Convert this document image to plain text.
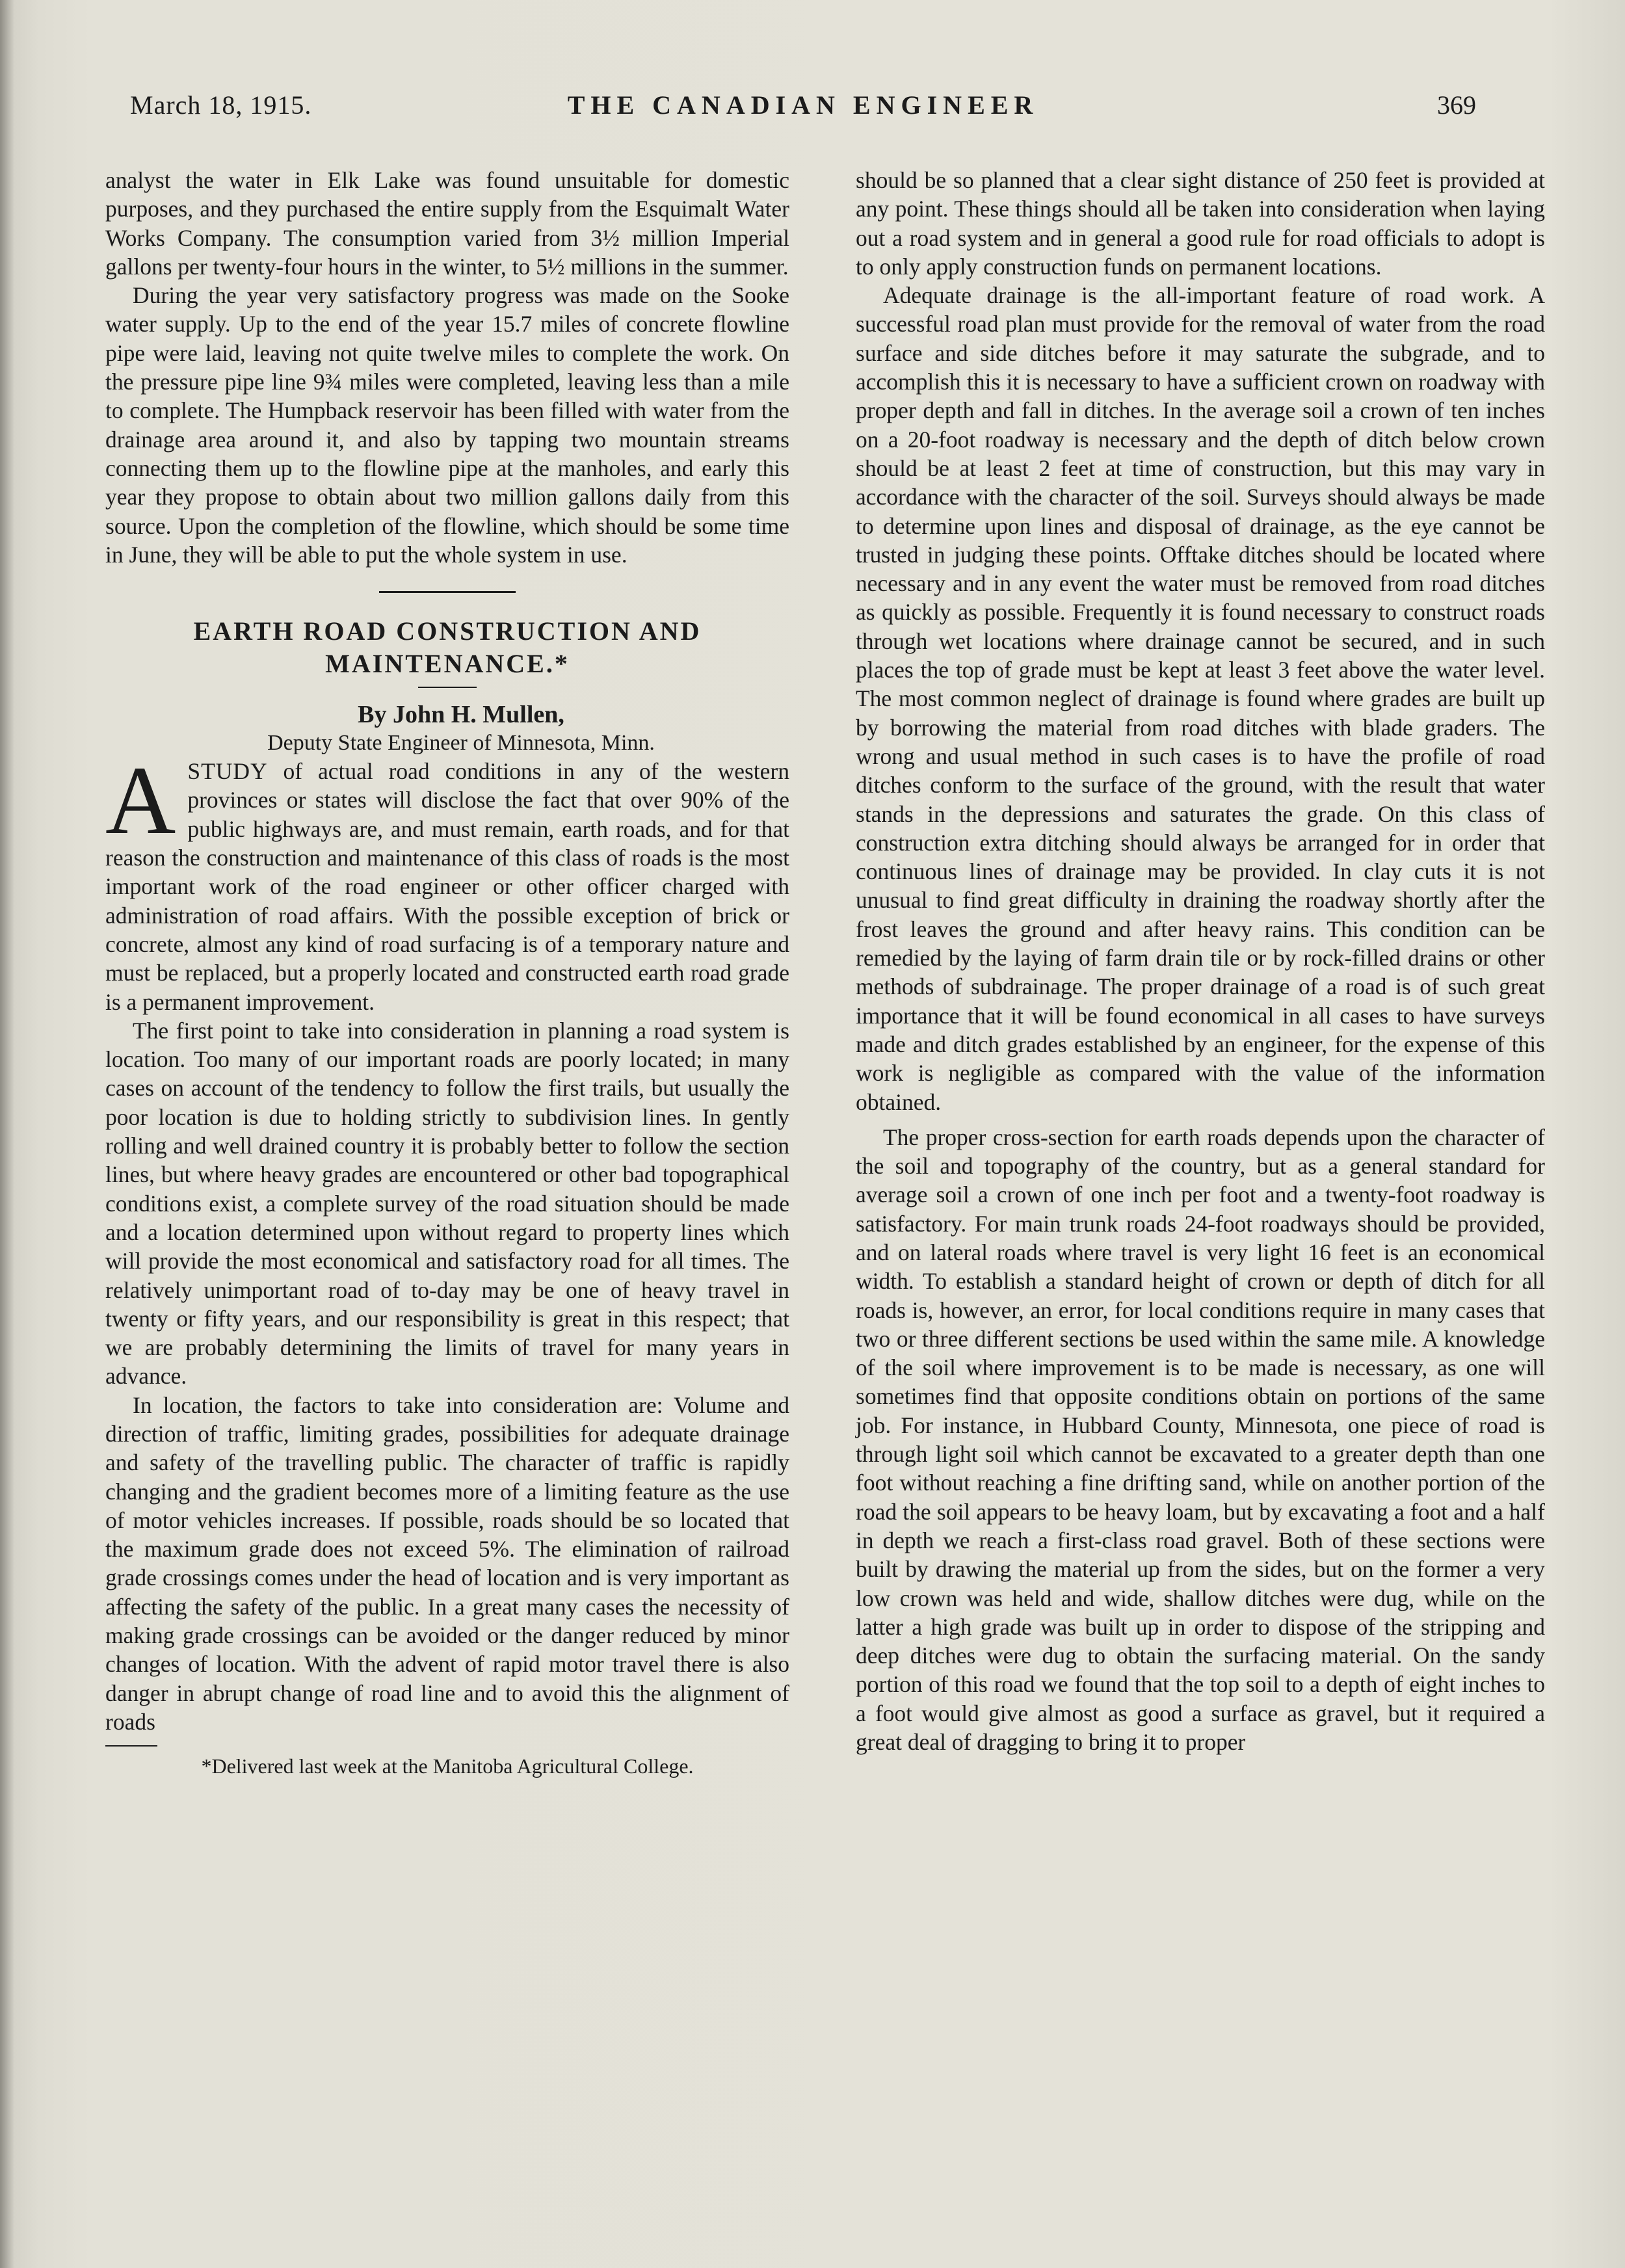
March 18, 1915.	THE CANADIAN ENGINEER	369

analyst the water in Elk Lake was found unsuitable for domestic purposes, and they purchased the entire supply from the Esquimalt Water Works Company. The consumption varied from 3½ million Imperial gallons per twenty-four hours in the winter, to 5½ millions in the summer.

During the year very satisfactory progress was made on the Sooke water supply. Up to the end of the year 15.7 miles of concrete flowline pipe were laid, leaving not quite twelve miles to complete the work. On the pressure pipe line 9¾ miles were completed, leaving less than a mile to complete. The Humpback reservoir has been filled with water from the drainage area around it, and also by tapping two mountain streams connecting them up to the flowline pipe at the manholes, and early this year they propose to obtain about two million gallons daily from this source. Upon the completion of the flowline, which should be some time in June, they will be able to put the whole system in use.

EARTH ROAD CONSTRUCTION AND
MAINTENANCE.*

By John H. Mullen,

Deputy State Engineer of Minnesota, Minn.

ASTUDY of actual road conditions in any of the western provinces or states will disclose the fact that over 90% of the public highways are, and must remain, earth roads, and for that reason the construction and maintenance of this class of roads is the most important work of the road engineer or other officer charged with administration of road affairs. With the possible exception of brick or concrete, almost any kind of road surfacing is of a temporary nature and must be replaced, but a properly located and constructed earth road grade is a permanent improvement.

The first point to take into consideration in planning a road system is location. Too many of our important roads are poorly located; in many cases on account of the tendency to follow the first trails, but usually the poor location is due to holding strictly to subdivision lines. In gently rolling and well drained country it is probably better to follow the section lines, but where heavy grades are encountered or other bad topographical conditions exist, a complete survey of the road situation should be made and a location determined upon without regard to property lines which will provide the most economical and satisfactory road for all times. The relatively unimportant road of to-day may be one of heavy travel in twenty or fifty years, and our responsibility is great in this respect; that we are probably determining the limits of travel for many years in advance.

In location, the factors to take into consideration are: Volume and direction of traffic, limiting grades, possibilities for adequate drainage and safety of the travelling public. The character of traffic is rapidly changing and the gradient becomes more of a limiting feature as the use of motor vehicles increases. If possible, roads should be so located that the maximum grade does not exceed 5%. The elimination of railroad grade crossings comes under the head of location and is very important as affecting the safety of the public. In a great many cases the necessity of making grade crossings can be avoided or the danger reduced by minor changes of location. With the advent of rapid motor travel there is also danger in abrupt change of road line and to avoid this the alignment of roads

*Delivered last week at the Manitoba Agricultural College.

should be so planned that a clear sight distance of 250 feet is provided at any point. These things should all be taken into consideration when laying out a road system and in general a good rule for road officials to adopt is to only apply construction funds on permanent locations.

Adequate drainage is the all-important feature of road work. A successful road plan must provide for the removal of water from the road surface and side ditches before it may saturate the subgrade, and to accomplish this it is necessary to have a sufficient crown on roadway with proper depth and fall in ditches. In the average soil a crown of ten inches on a 20-foot roadway is necessary and the depth of ditch below crown should be at least 2 feet at time of construction, but this may vary in accordance with the character of the soil. Surveys should always be made to determine upon lines and disposal of drainage, as the eye cannot be trusted in judging these points. Offtake ditches should be located where necessary and in any event the water must be removed from road ditches as quickly as possible. Frequently it is found necessary to construct roads through wet locations where drainage cannot be secured, and in such places the top of grade must be kept at least 3 feet above the water level. The most common neglect of drainage is found where grades are built up by borrowing the material from road ditches with blade graders. The wrong and usual method in such cases is to have the profile of road ditches conform to the surface of the ground, with the result that water stands in the depressions and saturates the grade. On this class of construction extra ditching should always be arranged for in order that continuous lines of drainage may be provided. In clay cuts it is not unusual to find great difficulty in draining the roadway shortly after the frost leaves the ground and after heavy rains. This condition can be remedied by the laying of farm drain tile or by rock-filled drains or other methods of subdrainage. The proper drainage of a road is of such great importance that it will be found economical in all cases to have surveys made and ditch grades established by an engineer, for the expense of this work is negligible as compared with the value of the information obtained.

The proper cross-section for earth roads depends upon the character of the soil and topography of the country, but as a general standard for average soil a crown of one inch per foot and a twenty-foot roadway is satisfactory. For main trunk roads 24-foot roadways should be provided, and on lateral roads where travel is very light 16 feet is an economical width. To establish a standard height of crown or depth of ditch for all roads is, however, an error, for local conditions require in many cases that two or three different sections be used within the same mile. A knowledge of the soil where improvement is to be made is necessary, as one will sometimes find that opposite conditions obtain on portions of the same job. For instance, in Hubbard County, Minnesota, one piece of road is through light soil which cannot be excavated to a greater depth than one foot without reaching a fine drifting sand, while on another portion of the road the soil appears to be heavy loam, but by excavating a foot and a half in depth we reach a first-class road gravel. Both of these sections were built by drawing the material up from the sides, but on the former a very low crown was held and wide, shallow ditches were dug, while on the latter a high grade was built up in order to dispose of the stripping and deep ditches were dug to obtain the surfacing material. On the sandy portion of this road we found that the top soil to a depth of eight inches to a foot would give almost as good a surface as gravel, but it required a great deal of dragging to bring it to proper
